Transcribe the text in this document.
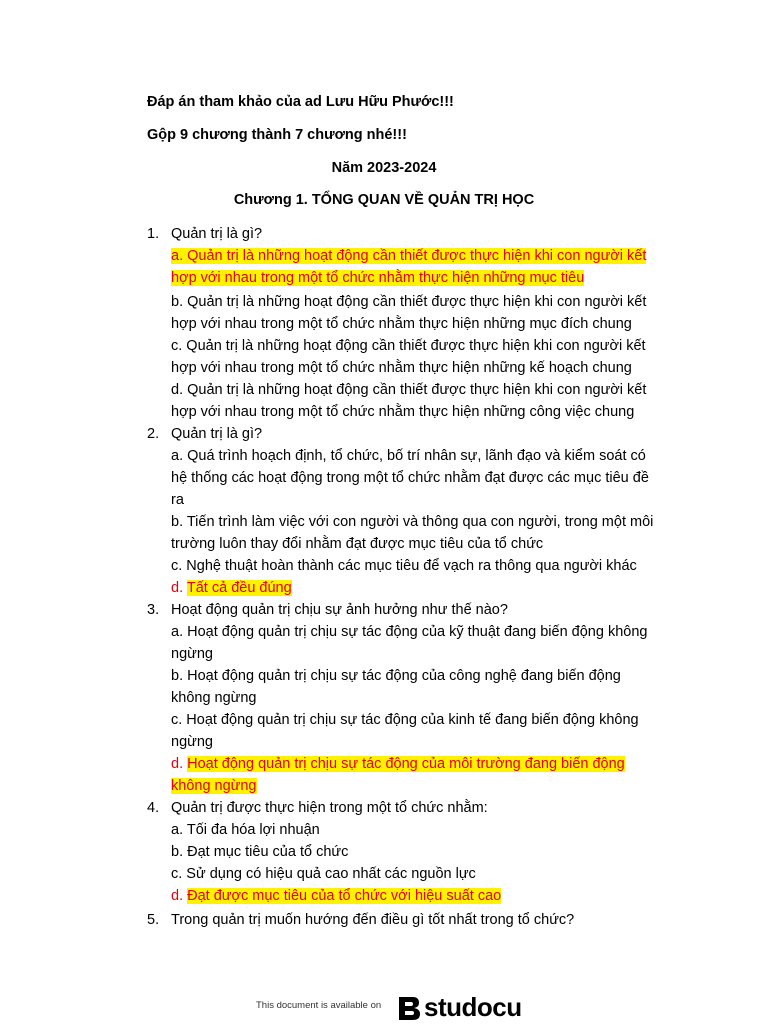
Đáp án tham khảo của ad Lưu Hữu Phước!!!
Gộp 9 chương thành 7 chương nhé!!!
Năm 2023-2024
Chương 1. TỔNG QUAN VỀ QUẢN TRỊ HỌC
1. Quản trị là gì?
a. Quản trị là những hoạt động cần thiết được thực hiện khi con người kết
hợp với nhau trong một tổ chức nhằm thực hiện những mục tiêu
b. Quản trị là những hoạt động cần thiết được thực hiện khi con người kết
hợp với nhau trong một tổ chức nhằm thực hiện những mục đích chung
c. Quản trị là những hoạt động cần thiết được thực hiện khi con người kết
hợp với nhau trong một tổ chức nhằm thực hiện những kế hoạch chung
d. Quản trị là những hoạt động cần thiết được thực hiện khi con người kết
hợp với nhau trong một tổ chức nhằm thực hiện những công việc chung
2. Quản trị là gì?
a. Quá trình hoạch định, tổ chức, bố trí nhân sự, lãnh đạo và kiểm soát có
hệ thống các hoạt động trong một tổ chức nhằm đạt được các mục tiêu đề
ra
b. Tiến trình làm việc với con người và thông qua con người, trong một môi
trường luôn thay đổi nhằm đạt được mục tiêu của tổ chức
c. Nghệ thuật hoàn thành các mục tiêu để vạch ra thông qua người khác
d. Tất cả đều đúng
3. Hoạt động quản trị chịu sự ảnh hưởng như thế nào?
a. Hoạt động quản trị chịu sự tác động của kỹ thuật đang biến động không
ngừng
b. Hoạt động quản trị chịu sự tác động của công nghệ đang biến động
không ngừng
c. Hoạt động quản trị chịu sự tác động của kinh tế đang biến động không
ngừng
d. Hoạt động quản trị chịu sự tác động của môi trường đang biến động
không ngừng
4. Quản trị được thực hiện trong một tổ chức nhằm:
a. Tối đa hóa lợi nhuận
b. Đạt mục tiêu của tổ chức
c. Sử dụng có hiệu quả cao nhất các nguồn lực
d. Đạt được mục tiêu của tổ chức với hiệu suất cao
5. Trong quản trị muốn hướng đến điều gì tốt nhất trong tổ chức?
This document is available on studocu
